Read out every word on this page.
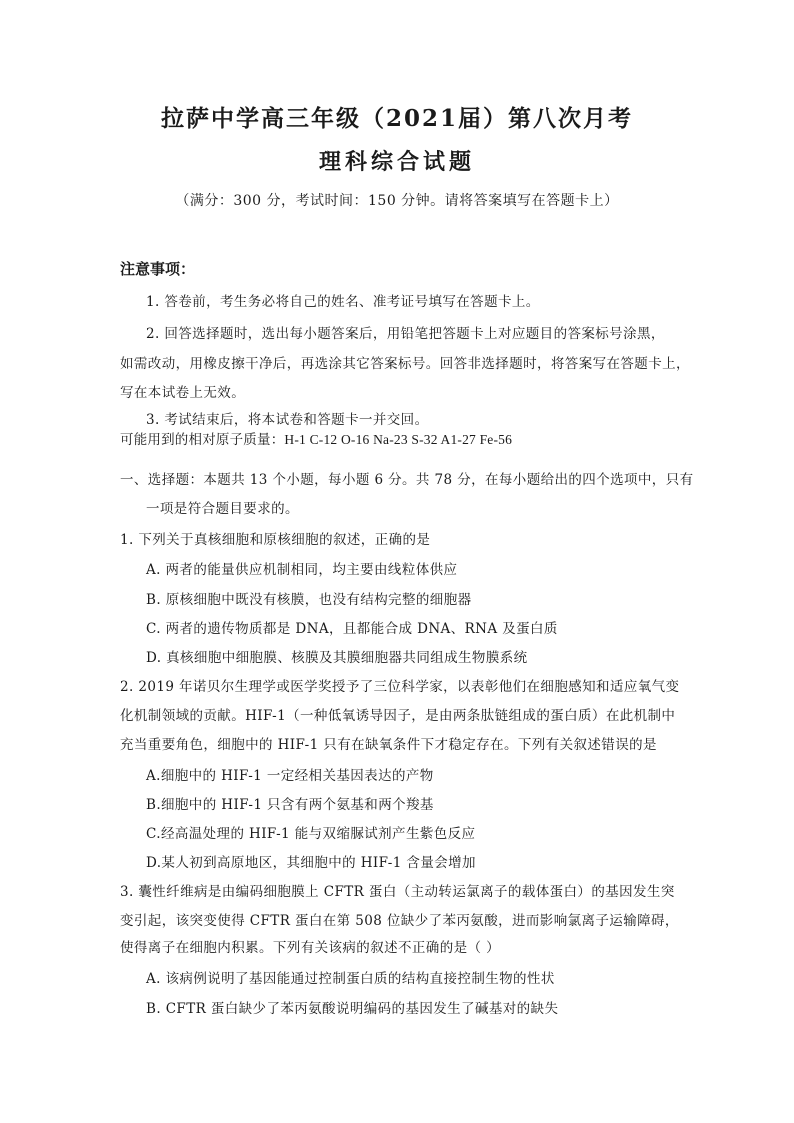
拉萨中学高三年级（2021届）第八次月考
理科综合试题
（满分：300 分，考试时间：150 分钟。请将答案填写在答题卡上）
注意事项：
1. 答卷前，考生务必将自己的姓名、准考证号填写在答题卡上。
2. 回答选择题时，选出每小题答案后，用铅笔把答题卡上对应题目的答案标号涂黑，
如需改动，用橡皮擦干净后，再选涂其它答案标号。回答非选择题时，将答案写在答题卡上，
写在本试卷上无效。
3. 考试结束后，将本试卷和答题卡一并交回。
可能用到的相对原子质量：H-1 C-12 O-16 Na-23 S-32 A1-27 Fe-56
一、选择题：本题共 13 个小题，每小题 6 分。共 78 分，在每小题给出的四个选项中，只有
一项是符合题目要求的。
1. 下列关于真核细胞和原核细胞的叙述，正确的是
A. 两者的能量供应机制相同，均主要由线粒体供应
B. 原核细胞中既没有核膜，也没有结构完整的细胞器
C. 两者的遗传物质都是 DNA，且都能合成 DNA、RNA 及蛋白质
D. 真核细胞中细胞膜、核膜及其膜细胞器共同组成生物膜系统
2. 2019 年诺贝尔生理学或医学奖授予了三位科学家，以表彰他们在细胞感知和适应氧气变
化机制领域的贡献。HIF-1（一种低氧诱导因子，是由两条肽链组成的蛋白质）在此机制中
充当重要角色，细胞中的 HIF-1 只有在缺氧条件下才稳定存在。下列有关叙述错误的是
A.细胞中的 HIF-1 一定经相关基因表达的产物
B.细胞中的 HIF-1 只含有两个氨基和两个羧基
C.经高温处理的 HIF-1 能与双缩脲试剂产生紫色反应
D.某人初到高原地区，其细胞中的 HIF-1 含量会增加
3. 囊性纤维病是由编码细胞膜上 CFTR 蛋白（主动转运氯离子的载体蛋白）的基因发生突
变引起，该突变使得 CFTR 蛋白在第 508 位缺少了苯丙氨酸，进而影响氯离子运输障碍，
使得离子在细胞内积累。下列有关该病的叙述不正确的是（ ）
A. 该病例说明了基因能通过控制蛋白质的结构直接控制生物的性状
B. CFTR 蛋白缺少了苯丙氨酸说明编码的基因发生了碱基对的缺失
